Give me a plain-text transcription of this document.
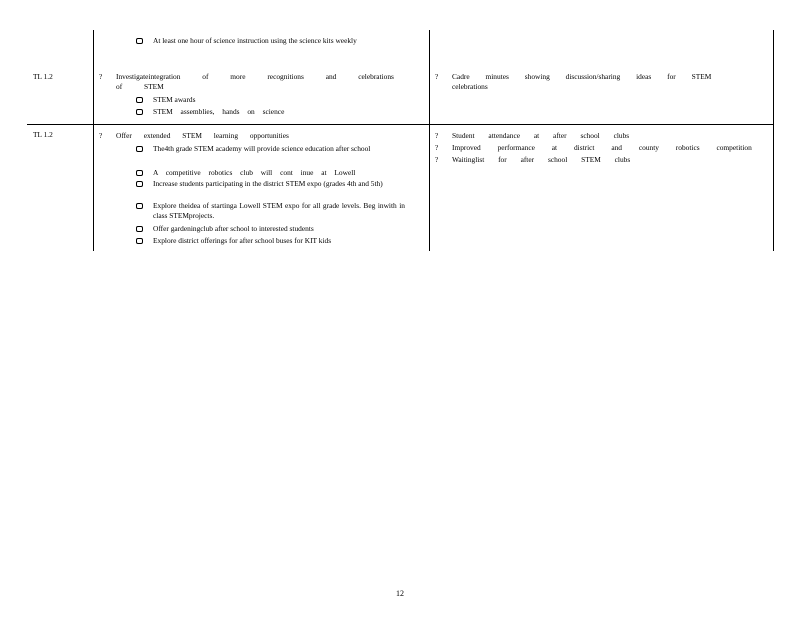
At least one hour of science instruction using the science kits weekly
TL 1.2	? Investigateintegration of more recognitions and celebrations of STEM
STEM awards
STEM assemblies, hands on science
? Cadre minutes showing discussion/sharing ideas for STEM celebrations
TL 1.2	? Offer extended STEM learning opportunities
The4th grade STEM academy will provide science education after school
A competitive robotics club will cont inue at Lowell
Increase students participating in the district STEM expo (grades 4th and 5th)
Explore theidea of startinga Lowell STEM expo for all grade levels. Beg inwith in class STEMprojects.
Offer gardeningclub after school to interested students
Explore district offerings for after school buses for KIT kids
? Student attendance at after school clubs
? Improved performance at district and county robotics competition
? Waitinglist for after school STEM clubs
12
